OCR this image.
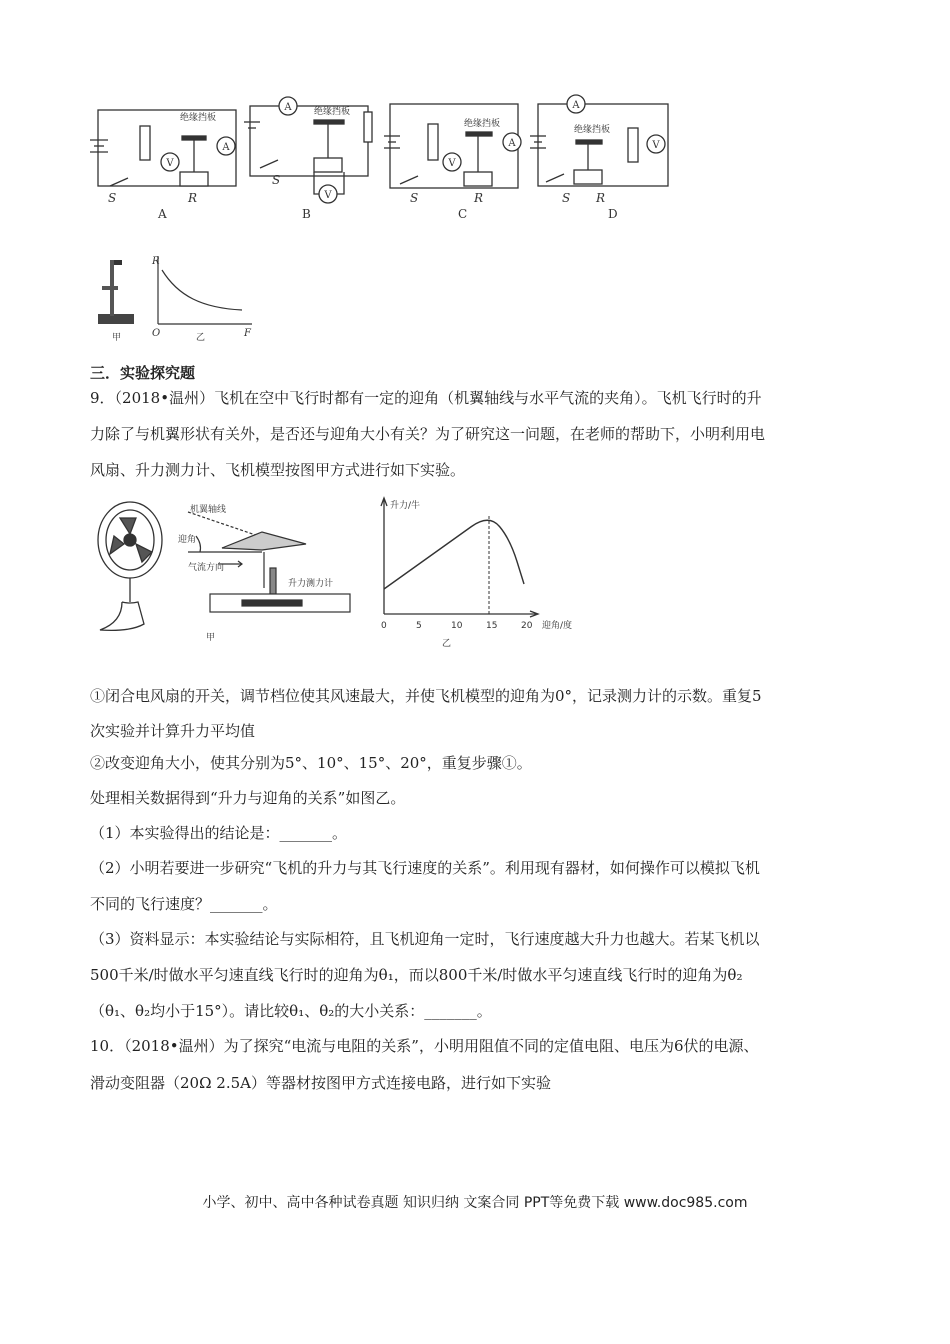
V
A
A
V
V
A
A
V
S	R
S
S	R	S R
A	B	C	D
绝缘挡板
绝缘挡板
绝缘挡板
绝缘挡板
R
O	F
甲	乙
三．实验探究题
9．（2018•温州）飞机在空中飞行时都有一定的迎角（机翼轴线与水平气流的夹角）。飞机飞行时的升
力除了与机翼形状有关外，是否还与迎角大小有关？为了研究这一问题，在老师的帮助下，小明利用电
风扇、升力测力计、飞机模型按图甲方式进行如下实验。
机翼轴线
迎角
气流方向
升力测力计
甲
升力/牛
迎角/度
乙
0	5	10	15	20
①闭合电风扇的开关，调节档位使其风速最大，并使飞机模型的迎角为0°，记录测力计的示数。重复5
次实验并计算升力平均值
②改变迎角大小，使其分别为5°、10°、15°、20°，重复步骤①。
处理相关数据得到“升力与迎角的关系”如图乙。
（1）本实验得出的结论是：_______。
（2）小明若要进一步研究“飞机的升力与其飞行速度的关系”。利用现有器材，如何操作可以模拟飞机
不同的飞行速度？_______。
（3）资料显示：本实验结论与实际相符，且飞机迎角一定时，飞行速度越大升力也越大。若某飞机以
500千米/时做水平匀速直线飞行时的迎角为θ₁，而以800千米/时做水平匀速直线飞行时的迎角为θ₂
（θ₁、θ₂均小于15°）。请比较θ₁、θ₂的大小关系：_______。
10．（2018•温州）为了探究“电流与电阻的关系”，小明用阻值不同的定值电阻、电压为6伏的电源、
滑动变阻器（20Ω 2.5A）等器材按图甲方式连接电路，进行如下实验
小学、初中、高中各种试卷真题 知识归纳 文案合同 PPT等免费下载 www.doc985.com
